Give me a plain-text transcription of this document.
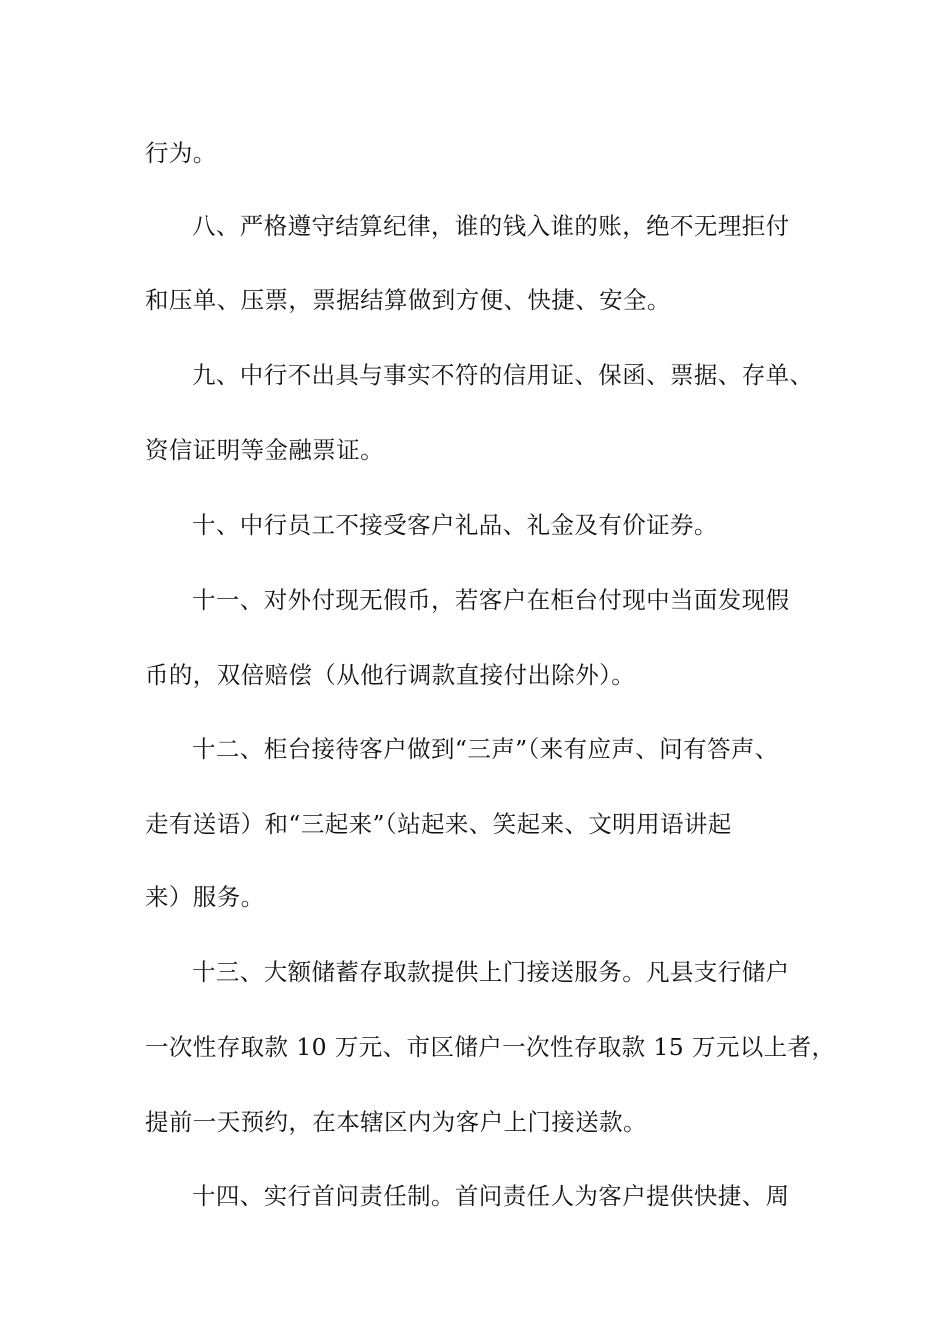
行为。
八、严格遵守结算纪律，谁的钱入谁的账，绝不无理拒付
和压单、压票，票据结算做到方便、快捷、安全。
九、中行不出具与事实不符的信用证、保函、票据、存单、
资信证明等金融票证。
十、中行员工不接受客户礼品、礼金及有价证券。
十一、对外付现无假币，若客户在柜台付现中当面发现假
币的，双倍赔偿（从他行调款直接付出除外）。
十二、柜台接待客户做到“三声”（来有应声、问有答声、
走有送语）和“三起来”（站起来、笑起来、文明用语讲起
来）服务。
十三、大额储蓄存取款提供上门接送服务。凡县支行储户
一次性存取款 10 万元、市区储户一次性存取款 15 万元以上者，
提前一天预约，在本辖区内为客户上门接送款。
十四、实行首问责任制。首问责任人为客户提供快捷、周
